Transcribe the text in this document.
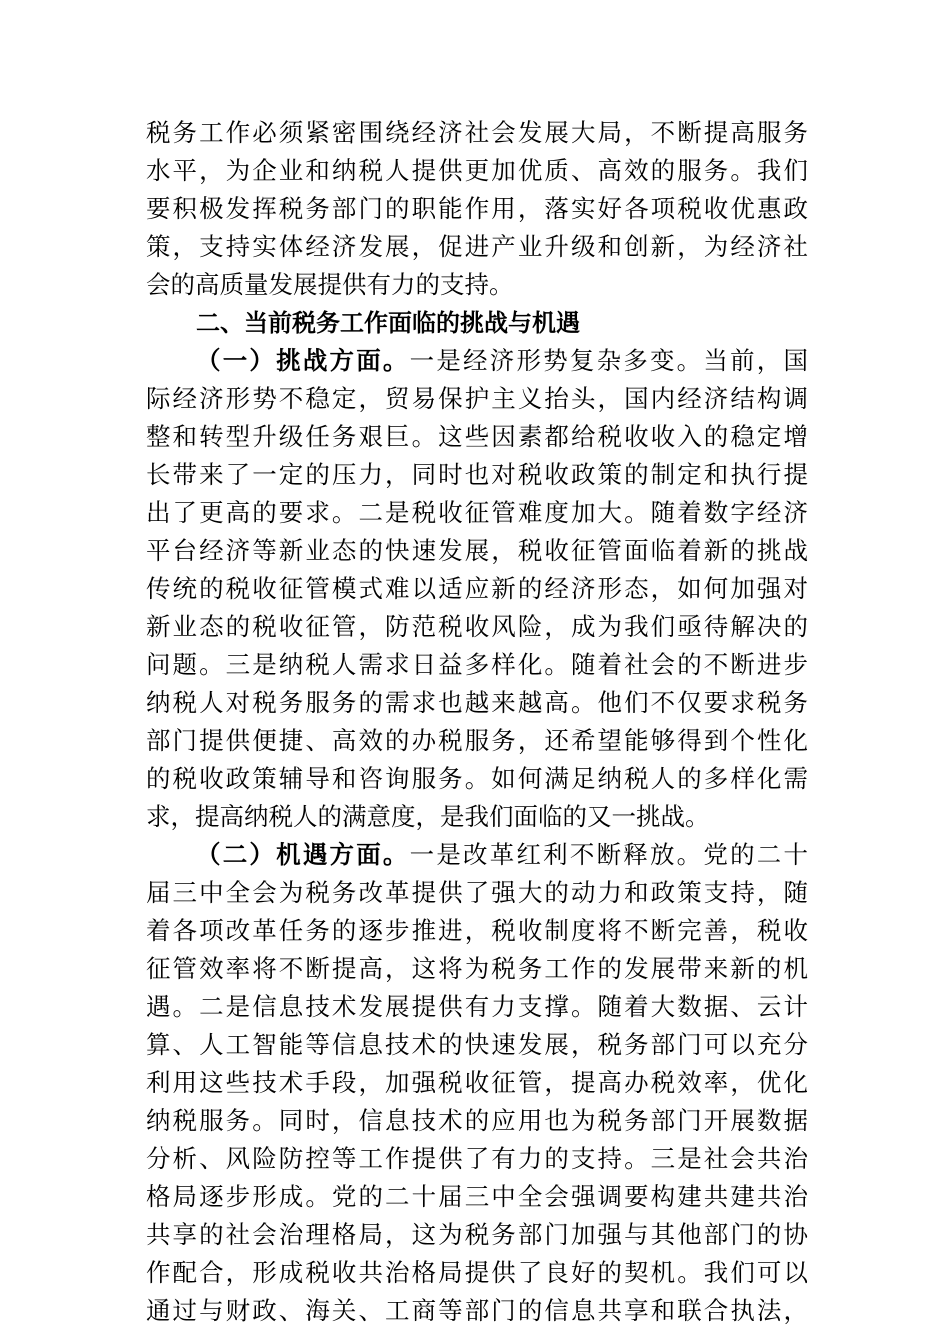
税务工作必须紧密围绕经济社会发展大局，不断提高服务
水平，为企业和纳税人提供更加优质、高效的服务。我们
要积极发挥税务部门的职能作用，落实好各项税收优惠政
策，支持实体经济发展，促进产业升级和创新，为经济社
会的高质量发展提供有力的支持。
二、当前税务工作面临的挑战与机遇
（一）挑战方面。一是经济形势复杂多变。当前，国
际经济形势不稳定，贸易保护主义抬头，国内经济结构调
整和转型升级任务艰巨。这些因素都给税收收入的稳定增
长带来了一定的压力，同时也对税收政策的制定和执行提
出了更高的要求。二是税收征管难度加大。随着数字经济
平台经济等新业态的快速发展，税收征管面临着新的挑战
传统的税收征管模式难以适应新的经济形态，如何加强对
新业态的税收征管，防范税收风险，成为我们亟待解决的
问题。三是纳税人需求日益多样化。随着社会的不断进步
纳税人对税务服务的需求也越来越高。他们不仅要求税务
部门提供便捷、高效的办税服务，还希望能够得到个性化
的税收政策辅导和咨询服务。如何满足纳税人的多样化需
求，提高纳税人的满意度，是我们面临的又一挑战。
（二）机遇方面。一是改革红利不断释放。党的二十
届三中全会为税务改革提供了强大的动力和政策支持，随
着各项改革任务的逐步推进，税收制度将不断完善，税收
征管效率将不断提高，这将为税务工作的发展带来新的机
遇。二是信息技术发展提供有力支撑。随着大数据、云计
算、人工智能等信息技术的快速发展，税务部门可以充分
利用这些技术手段，加强税收征管，提高办税效率，优化
纳税服务。同时，信息技术的应用也为税务部门开展数据
分析、风险防控等工作提供了有力的支持。三是社会共治
格局逐步形成。党的二十届三中全会强调要构建共建共治
共享的社会治理格局，这为税务部门加强与其他部门的协
作配合，形成税收共治格局提供了良好的契机。我们可以
通过与财政、海关、工商等部门的信息共享和联合执法，
